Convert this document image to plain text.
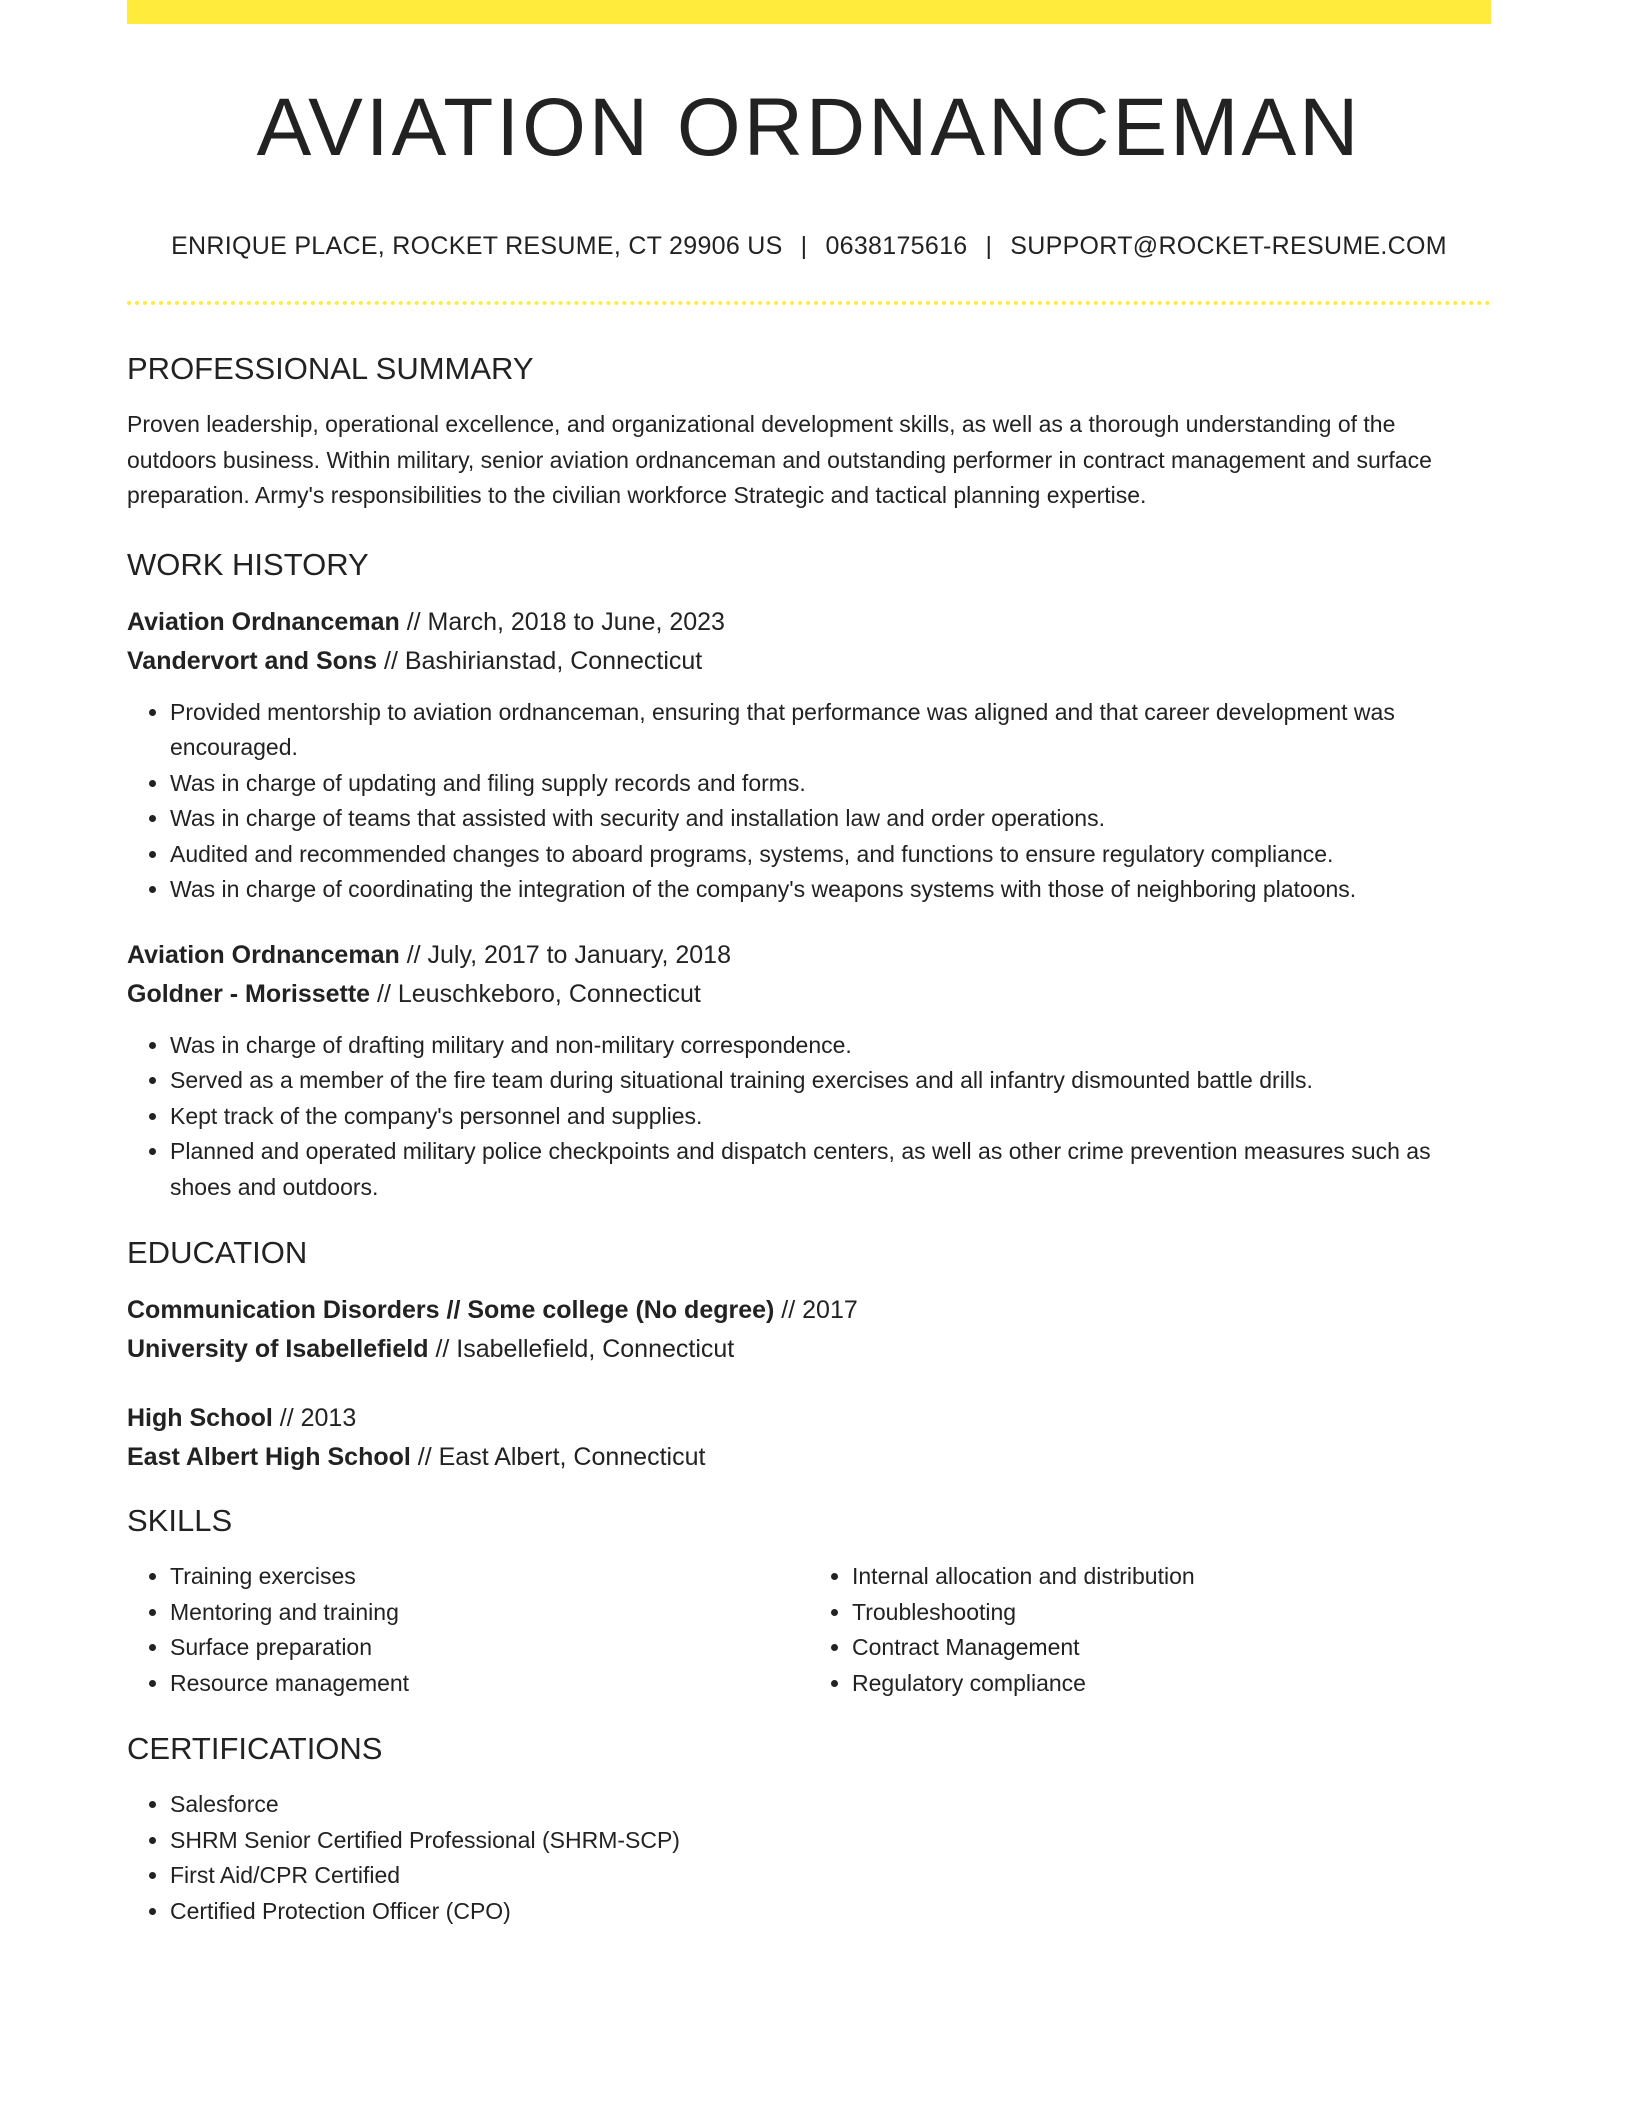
AVIATION ORDNANCEMAN
ENRIQUE PLACE, ROCKET RESUME, CT 29906 US | 0638175616 | SUPPORT@ROCKET-RESUME.COM
PROFESSIONAL SUMMARY

Proven leadership, operational excellence, and organizational development skills, as well as a thorough understanding of the outdoors business. Within military, senior aviation ordnanceman and outstanding performer in contract management and surface preparation. Army's responsibilities to the civilian workforce Strategic and tactical planning expertise.

WORK HISTORY
Aviation Ordnanceman // March, 2018 to June, 2023
Vandervort and Sons // Bashirianstad, Connecticut
• Provided mentorship to aviation ordnanceman, ensuring that performance was aligned and that career development was encouraged.
• Was in charge of updating and filing supply records and forms.
• Was in charge of teams that assisted with security and installation law and order operations.
• Audited and recommended changes to aboard programs, systems, and functions to ensure regulatory compliance.
• Was in charge of coordinating the integration of the company's weapons systems with those of neighboring platoons.
Aviation Ordnanceman // July, 2017 to January, 2018
Goldner - Morissette // Leuschkeboro, Connecticut
• Was in charge of drafting military and non-military correspondence.
• Served as a member of the fire team during situational training exercises and all infantry dismounted battle drills.
• Kept track of the company's personnel and supplies.
• Planned and operated military police checkpoints and dispatch centers, as well as other crime prevention measures such as shoes and outdoors.
EDUCATION
Communication Disorders // Some college (No degree) // 2017
University of Isabellefield // Isabellefield, Connecticut
High School // 2013
East Albert High School // East Albert, Connecticut
SKILLS
• Training exercises
• Mentoring and training
• Surface preparation
• Resource management
• Internal allocation and distribution
• Troubleshooting
• Contract Management
• Regulatory compliance
CERTIFICATIONS
• Salesforce
• SHRM Senior Certified Professional (SHRM-SCP)
• First Aid/CPR Certified
• Certified Protection Officer (CPO)
